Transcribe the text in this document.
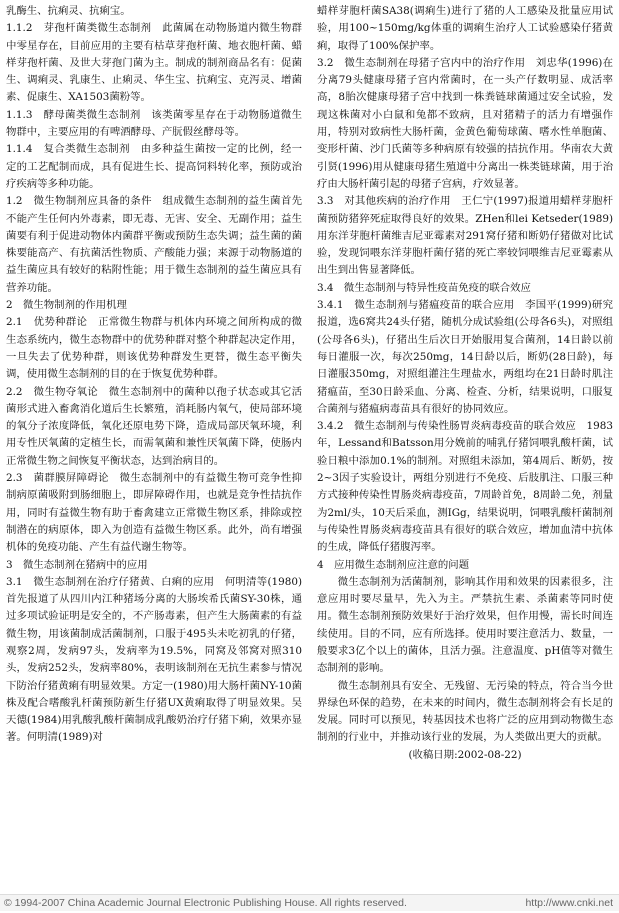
乳酶生、抗痢灵、抗痢宝。

1.1.2　芽孢杆菌类微生态制剂　此菌属在动物肠道内微生物群中零星存在，目前应用的主要有枯草芽孢杆菌、地衣胞杆菌、蜡样芽孢杆菌、及世大芽孢门菌为主。制成的制剂商品名有：促菌生、调痢灵、乳康生、止痢灵、华生宝、抗痢宝、克泻灵、增菌素、促康生、XA1503菌粉等。

1.1.3　酵母菌类微生态制剂　该类菌零星存在于动物肠道微生物群中，主要应用的有啤酒酵母、产朊假丝酵母等。

1.1.4　复合类微生态制剂　由多种益生菌按一定的比例，经一定的工艺配制而成，具有促进生长、提高饲料转化率，预防或治疗疾病等多种功能。

1.2　微生物制剂应具备的条件　组成微生态制剂的益生菌首先不能产生任何内外毒素，即无毒、无害、安全、无副作用；益生菌要有利于促进动物体内菌群平衡或预防生态失调；益生菌的菌株要能高产、有抗菌活性物质、产酸能力强；来源于动物肠道的益生菌应具有较好的粘附性能；用于微生态制剂的益生菌应具有营养功能。

2　微生物制剂的作用机理

2.1　优势种群论　正常微生物群与机体内环境之间所构成的微生态系统内，微生态物群中的优势种群对整个种群起决定作用，一旦失去了优势种群，则该优势种群发生更替，微生态平衡失调，使用微生态制剂的目的在于恢复优势种群。

2.2　微生物夺氧论　微生态制剂中的菌种以孢子状态或其它活菌形式进入畜禽消化道后生长繁殖，消耗肠内氧气，使局部环境的氧分子浓度降低，氧化还原电势下降，造成局部厌氧环境，利用专性厌氧菌的定植生长，而需氧菌和兼性厌氧菌下降，使肠内正常微生物之间恢复平衡状态，达到治病目的。

2.3　菌群膜屏障碍论　微生态制剂中的有益微生物可竞争性抑制病原菌吸附到肠细胞上，即屏障碍作用，也就是竞争性拮抗作用，同时有益微生物有助于畜禽建立正常微生物区系，排除或控制潜在的病原体，即入为创造有益微生物区系。此外，尚有增强机体的免疫功能、产生有益代谢生物等。

3　微生态制剂在猪病中的应用

3.1　微生态制剂在治疗仔猪黄、白痢的应用　何明清等(1980)首先报道了从四川内江种猪场分离的大肠埃希氏菌SY-30株，通过多项试验证明是安全的，不产肠毒素，但产生大肠菌素的有益微生物，用该菌制成活菌制剂，口服于495头未吃初乳的仔猪，观察2周，发病97头，发病率为19.5%，同窝及邻窝对照310头，发病252头，发病率80%，表明该制剂在无抗生素参与情况下防治仔猪黄痢有明显效果。方定一(1980)用大肠杆菌NY-10菌株及配合嗜酸乳杆菌预防新生仔猪UX黄痢取得了明显效果。吴天德(1984)用乳酸乳酸杆菌制成乳酸奶治疗仔猪下痢，效果亦显著。何明清(1989)对

蜡样芽胞杆菌SA38(调痢生)进行了猪的人工感染及批量应用试验，用100~150mg/kg体重的调痢生治疗人工试验感染仔猪黄痢，取得了100%保护率。

3.2　微生态制剂在母猪子宫内中的治疗作用　刘忠华(1996)在分离79头健康母猪子宫内常菌时，在一头产仔数明显、成活率高，8胎次健康母猪子宫中找到一株粪链球菌通过安全试验，发现这株菌对小白鼠和兔都不致病，且对猪精子的活力有增强作用，特别对致病性大肠杆菌，金黄色葡萄球菌、嗜水性单胞菌、变形杆菌、沙门氏菌等多种病原有较强的拮抗作用。华南农大黄引贤(1996)用从健康母猪生殖道中分离出一株类链球菌，用于治疗由大肠杆菌引起的母猪子宫病，疗效显著。

3.3　对其他疾病的治疗作用　王仁宁(1997)报道用蜡样芽胞杆菌预防猪猝死症取得良好的效果。ZHen和lei Ketseder(1989)用东洋芽胞杆菌维吉尼亚霉素对291窝仔猪和断奶仔猪做对比试验，发现饲喂东洋芽胞杆菌仔猪的死亡率较饲喂维吉尼亚霉素从出生到出售显著降低。

3.4　微生态制剂与特异性疫苗免疫的联合效应

3.4.1　微生态制剂与猪瘟疫苗的联合应用　李国平(1999)研究报道，选6窝共24头仔猪，随机分成试验组(公母各6头)，对照组(公母各6头)，仔猪出生后次日开始服用复合菌剂，14日龄以前每日灌服一次，每次250mg，14日龄以后，断奶(28日龄)，每日灌服350mg，对照组灌注生理盐水，两组均在21日龄时肌注猪瘟苗，至30日龄采血、分离、检查、分析，结果说明，口服复合菌剂与猪瘟病毒苗具有很好的协同效应。

3.4.2　微生态制剂与传染性肠胃炎病毒疫苗的联合效应　1983年，Lessand和Batsson用分娩前的哺乳仔猪饲喂乳酸杆菌，试验日粮中添加0.1%的制剂。对照组未添加，第4周后、断奶，按2~3因子实验设计，两组分别进行不免疫、后肢肌注、口服三种方式接种传染性胃肠炎病毒疫苗，7周龄首免，8周龄二免，剂量为2ml/头，10天后采血，测IGg，结果说明，饲喂乳酸杆菌制剂与传染性胃肠炎病毒疫苗具有很好的联合效应，增加血清中抗体的生成，降低仔猪腹泻率。

4　应用微生态制剂应注意的问题

微生态制剂为活菌制剂，影响其作用和效果的因素很多，注意应用时要尽量早，先入为主。严禁抗生素、杀菌素等同时使用。微生态制剂预防效果好于治疗效果，但作用慢，需长时间连续使用。目的不同，应有所选择。使用时要注意活力、数量，一般要求3亿个以上的菌体，且活力强。注意温度、pH值等对微生态制剂的影响。

微生态制剂具有安全、无残留、无污染的特点，符合当今世界绿色环保的趋势，在未来的时间内，微生态制剂将会有长足的发展。同时可以预见，转基因技术也将广泛的应用到动物微生态制剂的行业中，并推动该行业的发展，为人类做出更大的贡献。

(收稿日期:2002-08-22)

© 1994-2007 China Academic Journal Electronic Publishing House. All rights reserved.	http://www.cnki.net
